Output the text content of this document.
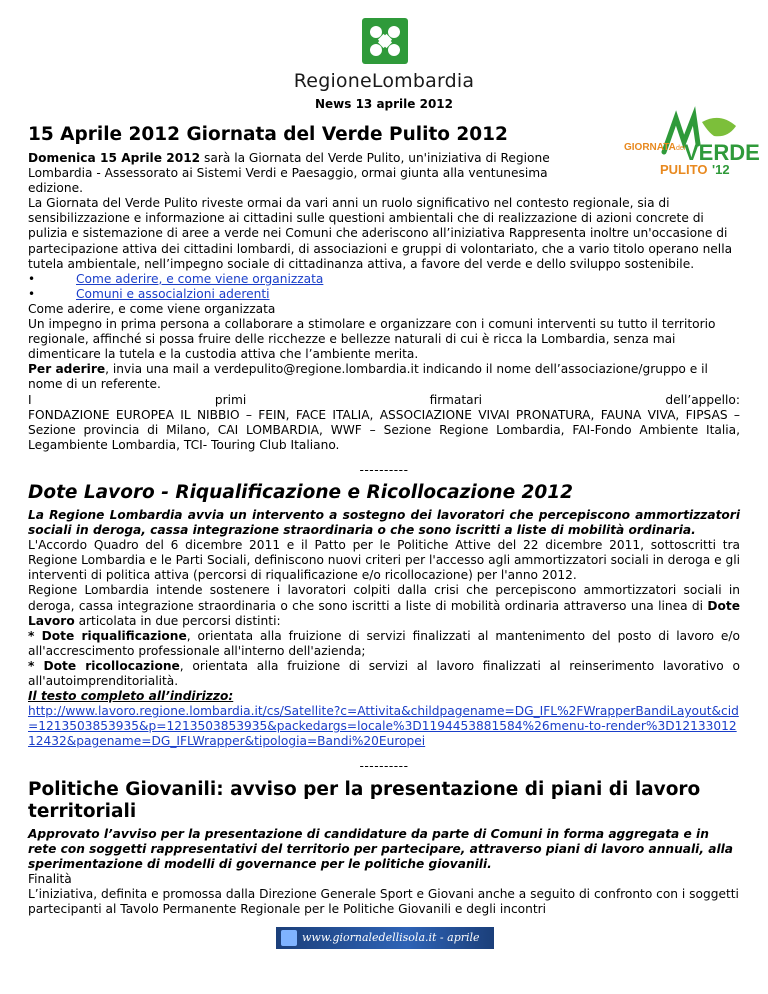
RegioneLombardia
News 13 aprile 2012
GIORNATA del
VERDE
PULITO '12
15 Aprile 2012 Giornata del Verde Pulito 2012

Domenica 15 Aprile 2012 sarà la Giornata del Verde Pulito, un'iniziativa di Regione Lombardia - Assessorato ai Sistemi Verdi e Paesaggio, ormai giunta alla ventunesima edizione.

La Giornata del Verde Pulito riveste ormai da vari anni un ruolo significativo nel contesto regionale, sia di sensibilizzazione e informazione ai cittadini sulle questioni ambientali che di realizzazione di azioni concrete di pulizia e sistemazione di aree a verde nei Comuni che aderiscono all’iniziativa Rappresenta inoltre un'occasione di partecipazione attiva dei cittadini lombardi, di associazioni e gruppi di volontariato, che a vario titolo operano nella tutela ambientale, nell’impegno sociale di cittadinanza attiva, a favore del verde e dello sviluppo sostenibile.

• Come aderire, e come viene organizzata
• Comuni e associalzioni aderenti

Come aderire, e come viene organizzata

Un impegno in prima persona a collaborare a stimolare e organizzare con i comuni interventi su tutto il territorio regionale, affinché si possa fruire delle ricchezze e bellezze naturali di cui è ricca la Lombardia, senza mai dimenticare la tutela e la custodia attiva che l’ambiente merita.

Per aderire, invia una mail a verdepulito@regione.lombardia.it indicando il nome dell’associazione/gruppo e il nome di un referente.

I	primi	firmatari	dell’appello:

FONDAZIONE EUROPEA IL NIBBIO – FEIN, FACE ITALIA, ASSOCIAZIONE VIVAI PRONATURA, FAUNA VIVA, FIPSAS – Sezione provincia di Milano, CAI LOMBARDIA, WWF – Sezione Regione Lombardia, FAI-Fondo Ambiente Italia, Legambiente Lombardia, TCI- Touring Club Italiano.

----------
Dote Lavoro - Riqualificazione e Ricollocazione 2012

La Regione Lombardia avvia un intervento a sostegno dei lavoratori che percepiscono ammortizzatori sociali in deroga, cassa integrazione straordinaria o che sono iscritti a liste di mobilità ordinaria.

L'Accordo Quadro del 6 dicembre 2011 e il Patto per le Politiche Attive del 22 dicembre 2011, sottoscritti tra Regione Lombardia e le Parti Sociali, definiscono nuovi criteri per l'accesso agli ammortizzatori sociali in deroga e gli interventi di politica attiva (percorsi di riqualificazione e/o ricollocazione) per l'anno 2012.

Regione Lombardia intende sostenere i lavoratori colpiti dalla crisi che percepiscono ammortizzatori sociali in deroga, cassa integrazione straordinaria o che sono iscritti a liste di mobilità ordinaria attraverso una linea di Dote Lavoro articolata in due percorsi distinti:

* Dote riqualificazione, orientata alla fruizione di servizi finalizzati al mantenimento del posto di lavoro e/o all'accrescimento professionale all'interno dell'azienda;

* Dote ricollocazione, orientata alla fruizione di servizi al lavoro finalizzati al reinserimento lavorativo o all'autoimprenditorialità.

Il testo completo all’indirizzo:

http://www.lavoro.regione.lombardia.it/cs/Satellite?c=Attivita&childpagename=DG_IFL%2FWrapperBandiLayout&cid=1213503853935&p=1213503853935&packedargs=locale%3D1194453881584%26menu-to-render%3D1213301212432&pagename=DG_IFLWrapper&tipologia=Bandi%20Europei

----------
Politiche Giovanili: avviso per la presentazione di piani di lavoro territoriali

Approvato l’avviso per la presentazione di candidature da parte di Comuni in forma aggregata e in rete con soggetti rappresentativi del territorio per partecipare, attraverso piani di lavoro annuali, alla sperimentazione di modelli di governance per le politiche giovanili.

Finalità

L’iniziativa, definita e promossa dalla Direzione Generale Sport e Giovani anche a seguito di confronto con i soggetti partecipanti al Tavolo Permanente Regionale per le Politiche Giovanili e degli incontri

www.giornaledellisola.it - aprile 2012
